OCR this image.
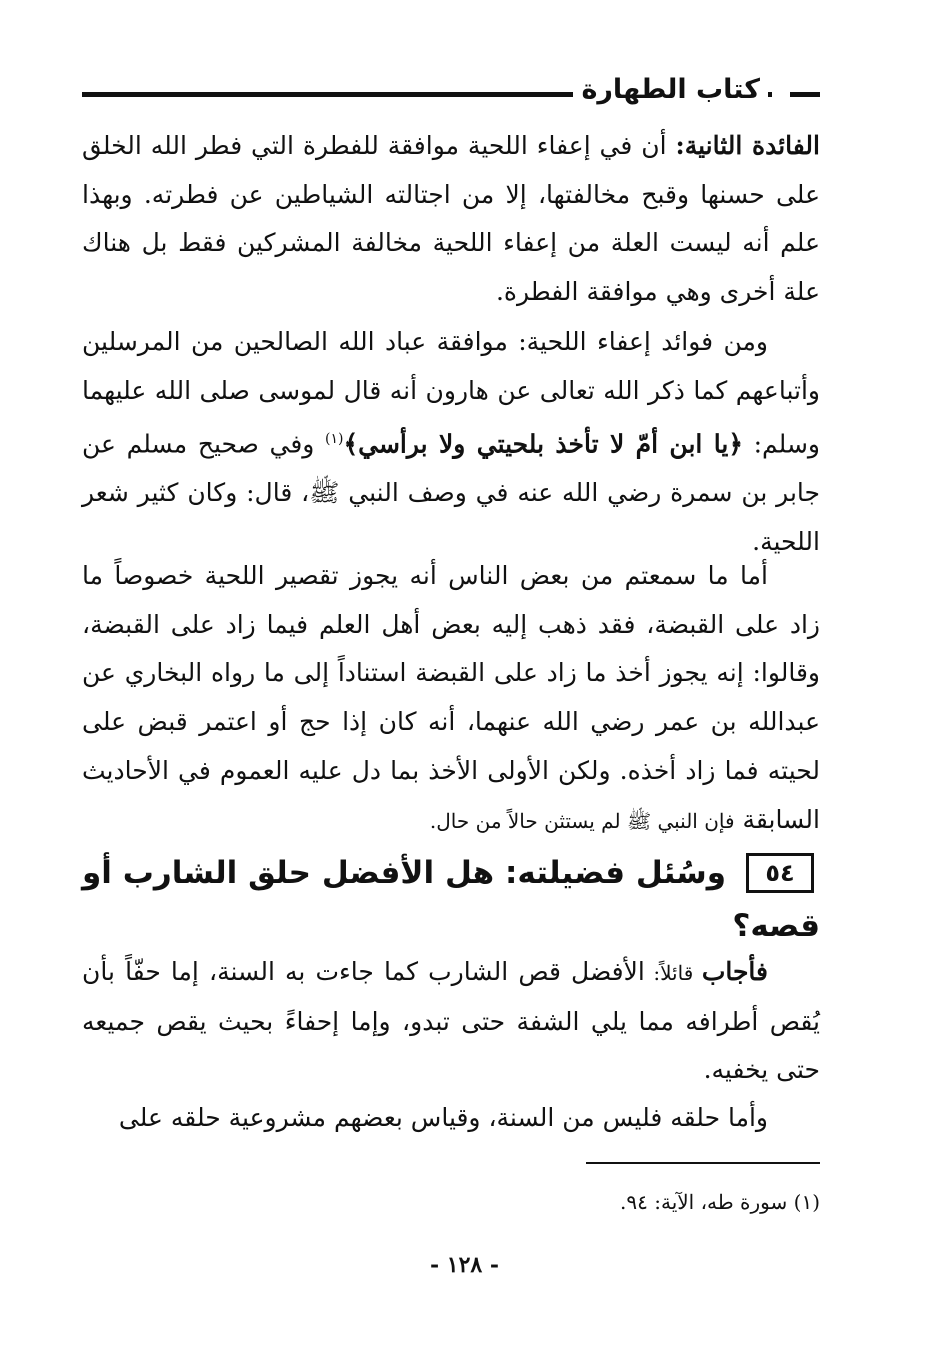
كتاب الطهارة

الفائدة الثانية: أن في إعفاء اللحية موافقة للفطرة التي فطر الله الخلق على حسنها وقبح مخالفتها، إلا من اجتالته الشياطين عن فطرته. وبهذا علم أنه ليست العلة من إعفاء اللحية مخالفة المشركين فقط بل هناك علة أخرى وهي موافقة الفطرة.

ومن فوائد إعفاء اللحية: موافقة عباد الله الصالحين من المرسلين وأتباعهم كما ذكر الله تعالى عن هارون أنه قال لموسى صلى الله عليهما وسلم: ﴿يا ابن أمّ لا تأخذ بلحيتي ولا برأسي﴾$^{(١)}$ وفي صحيح مسلم عن جابر بن سمرة رضي الله عنه في وصف النبي ﷺ، قال: وكان كثير شعر اللحية.

أما ما سمعتم من بعض الناس أنه يجوز تقصير اللحية خصوصاً ما زاد على القبضة، فقد ذهب إليه بعض أهل العلم فيما زاد على القبضة، وقالوا: إنه يجوز أخذ ما زاد على القبضة استناداً إلى ما رواه البخاري عن عبدالله بن عمر رضي الله عنهما، أنه كان إذا حج أو اعتمر قبض على لحيته فما زاد أخذه. ولكن الأولى الأخذ بما دل عليه العموم في الأحاديث السابقة فإن النبي ﷺ لم يستثن حالاً من حال.

٥٤
وسُئل فضيلته: هل الأفضل حلق الشارب أو
قصه؟

فأجاب قائلاً: الأفضل قص الشارب كما جاءت به السنة، إما حفّاً بأن يُقص أطرافه مما يلي الشفة حتى تبدو، وإما إحفاءً بحيث يقص جميعه حتى يخفيه.

وأما حلقه فليس من السنة، وقياس بعضهم مشروعية حلقه على

(١) سورة طه، الآية: ٩٤.
- ١٢٨ -
